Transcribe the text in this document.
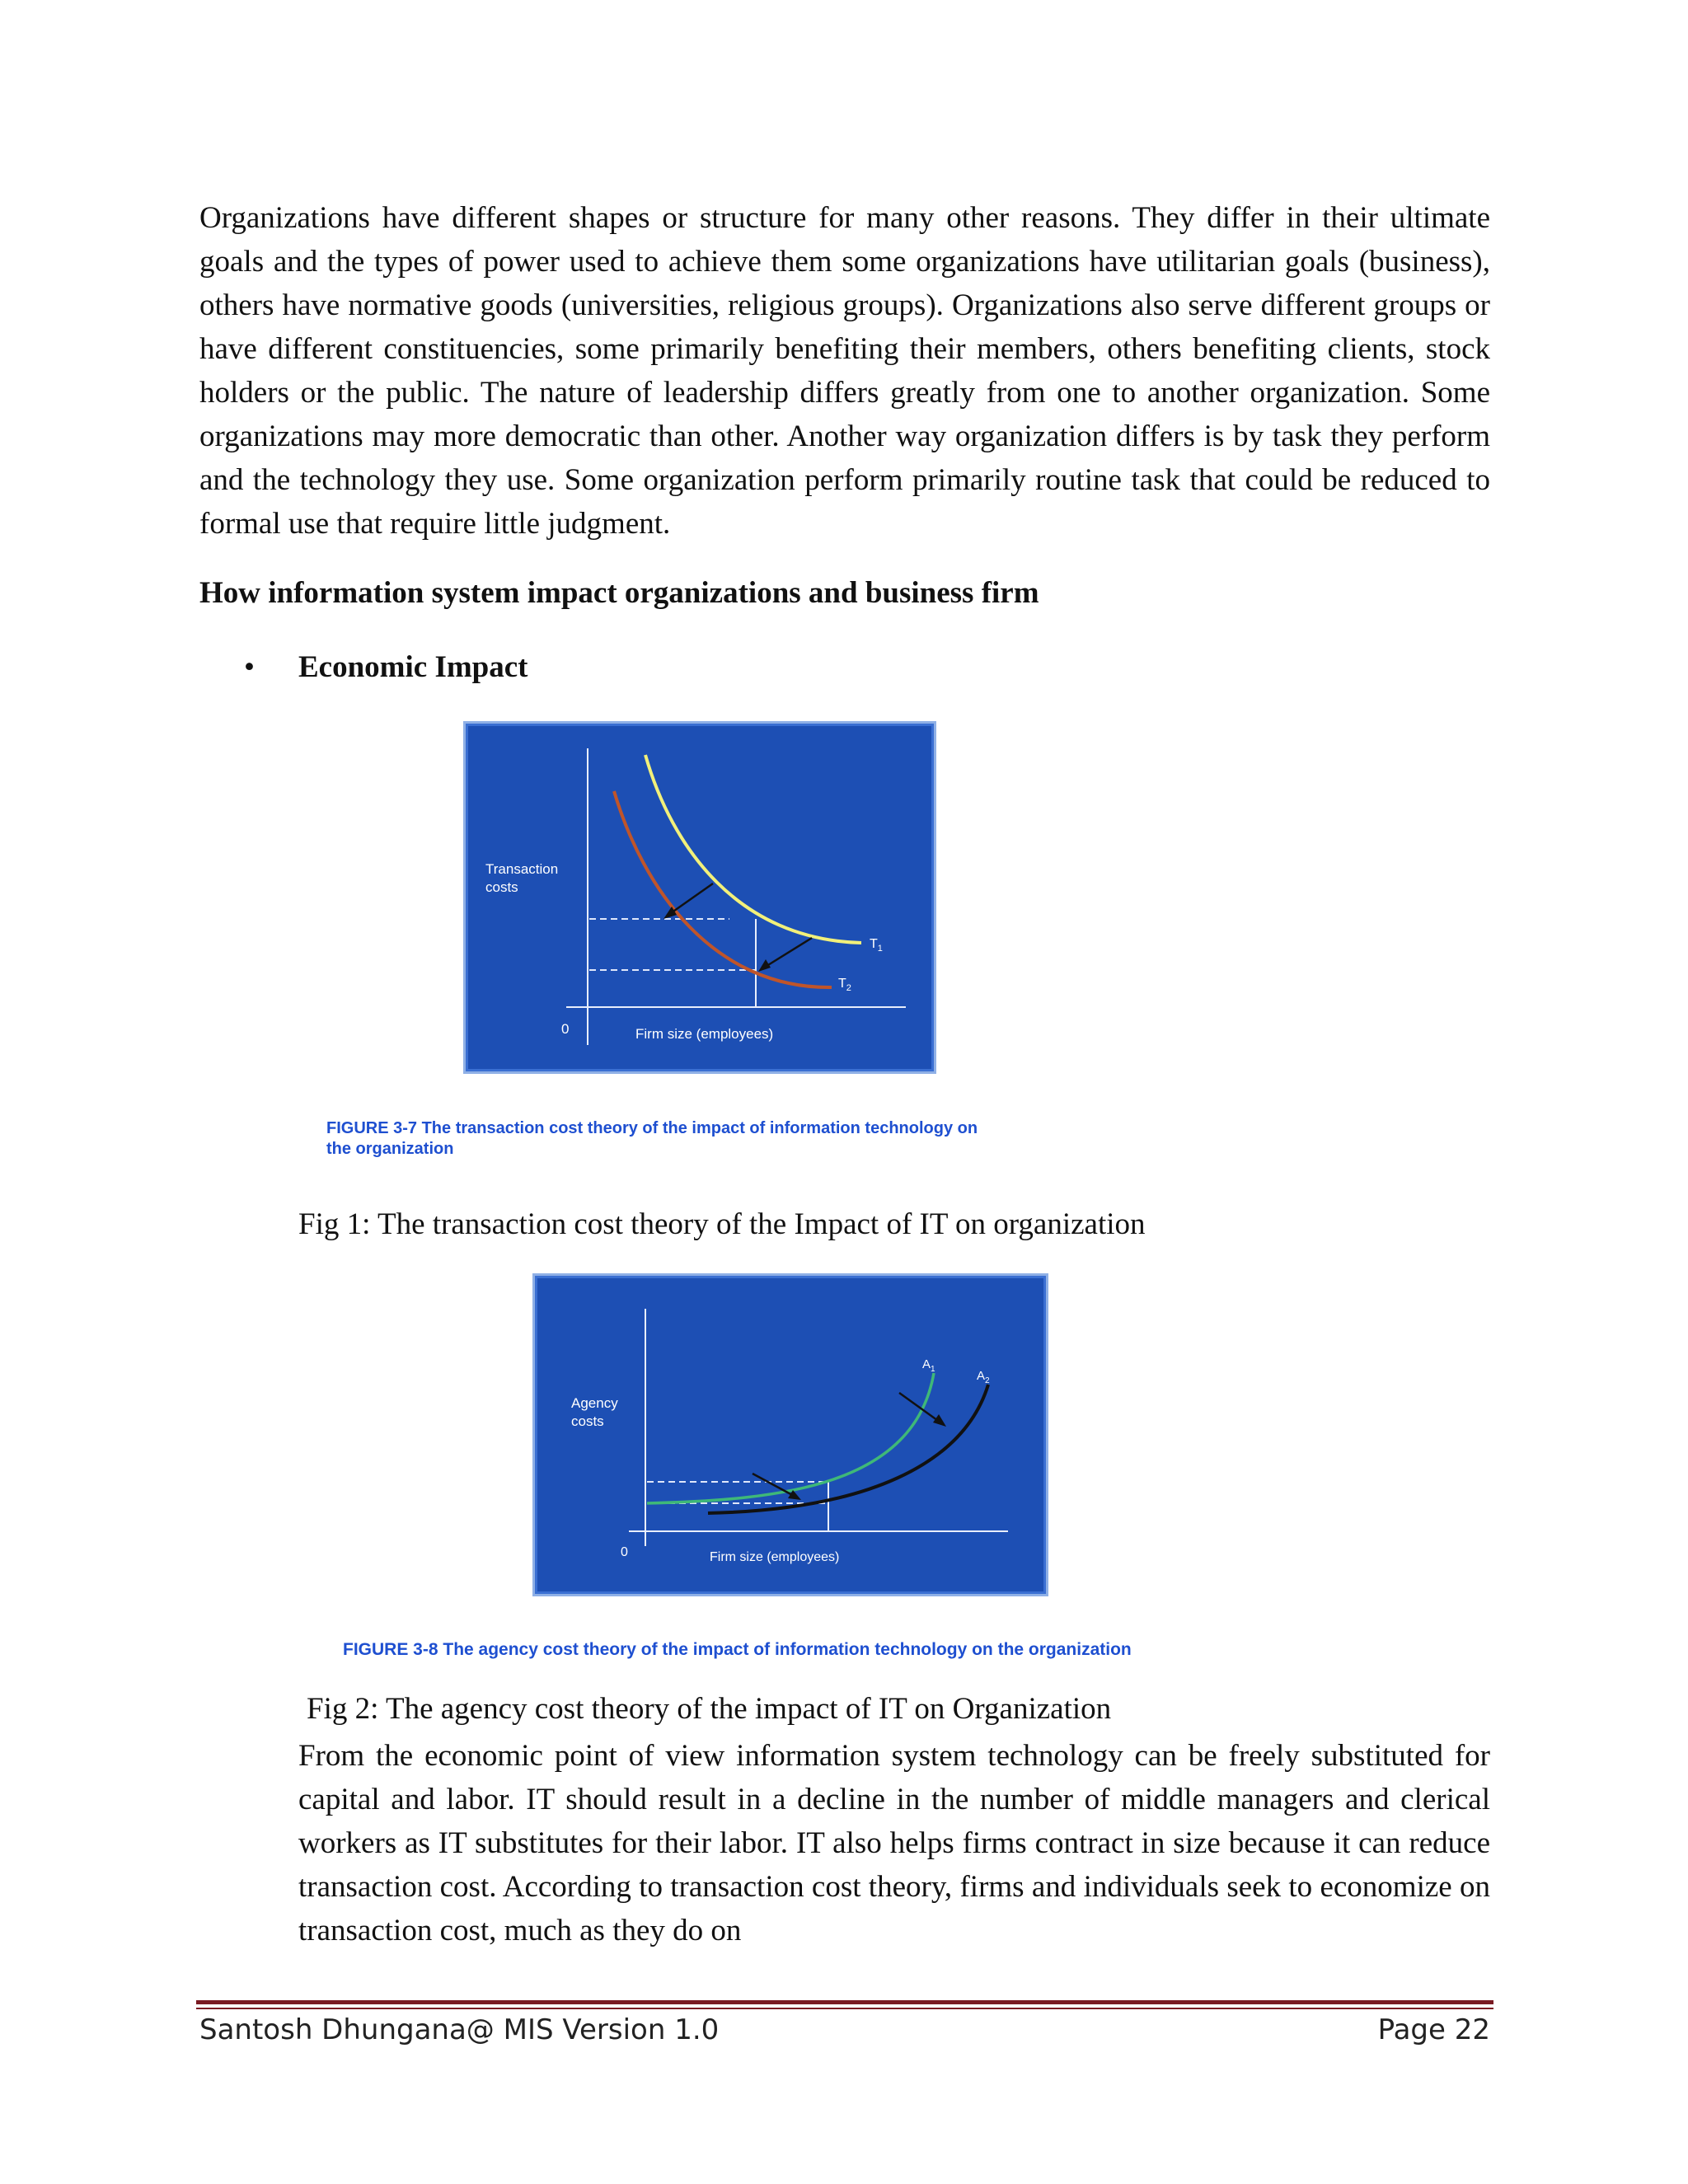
Organizations have different shapes or structure for many other reasons. They differ in their ultimate goals and the types of power used to achieve them some organizations have utilitarian goals (business), others have normative goods (universities, religious groups). Organizations also serve different groups or have different constituencies, some primarily benefiting their members, others benefiting clients, stock holders or the public. The nature of leadership differs greatly from one to another organization. Some organizations may more democratic than other. Another way organization differs is by task they perform and the technology they use. Some organization perform primarily routine task that could be reduced to formal use that require little judgment.

How information system impact organizations and business firm

•	Economic Impact
Transaction
costs
Firm size (employees)
0
$T_1$
$T_2$

FIGURE 3-7 The transaction cost theory of the impact of information technology on the organization

Fig 1: The transaction cost theory of the Impact of IT on organization

Agency
costs
Firm size (employees)
0
$A_1$	$A_2$

FIGURE 3-8 The agency cost theory of the impact of information technology on the organization

Fig 2: The agency cost theory of the impact of IT on Organization

From the economic point of view information system technology can be freely substituted for capital and labor. IT should result in a decline in the number of middle managers and clerical workers as IT substitutes for their labor. IT also helps firms contract in size because it can reduce transaction cost. According to transaction cost theory, firms and individuals seek to economize on transaction cost, much as they do on

Santosh Dhungana@ MIS Version 1.0	Page 22
